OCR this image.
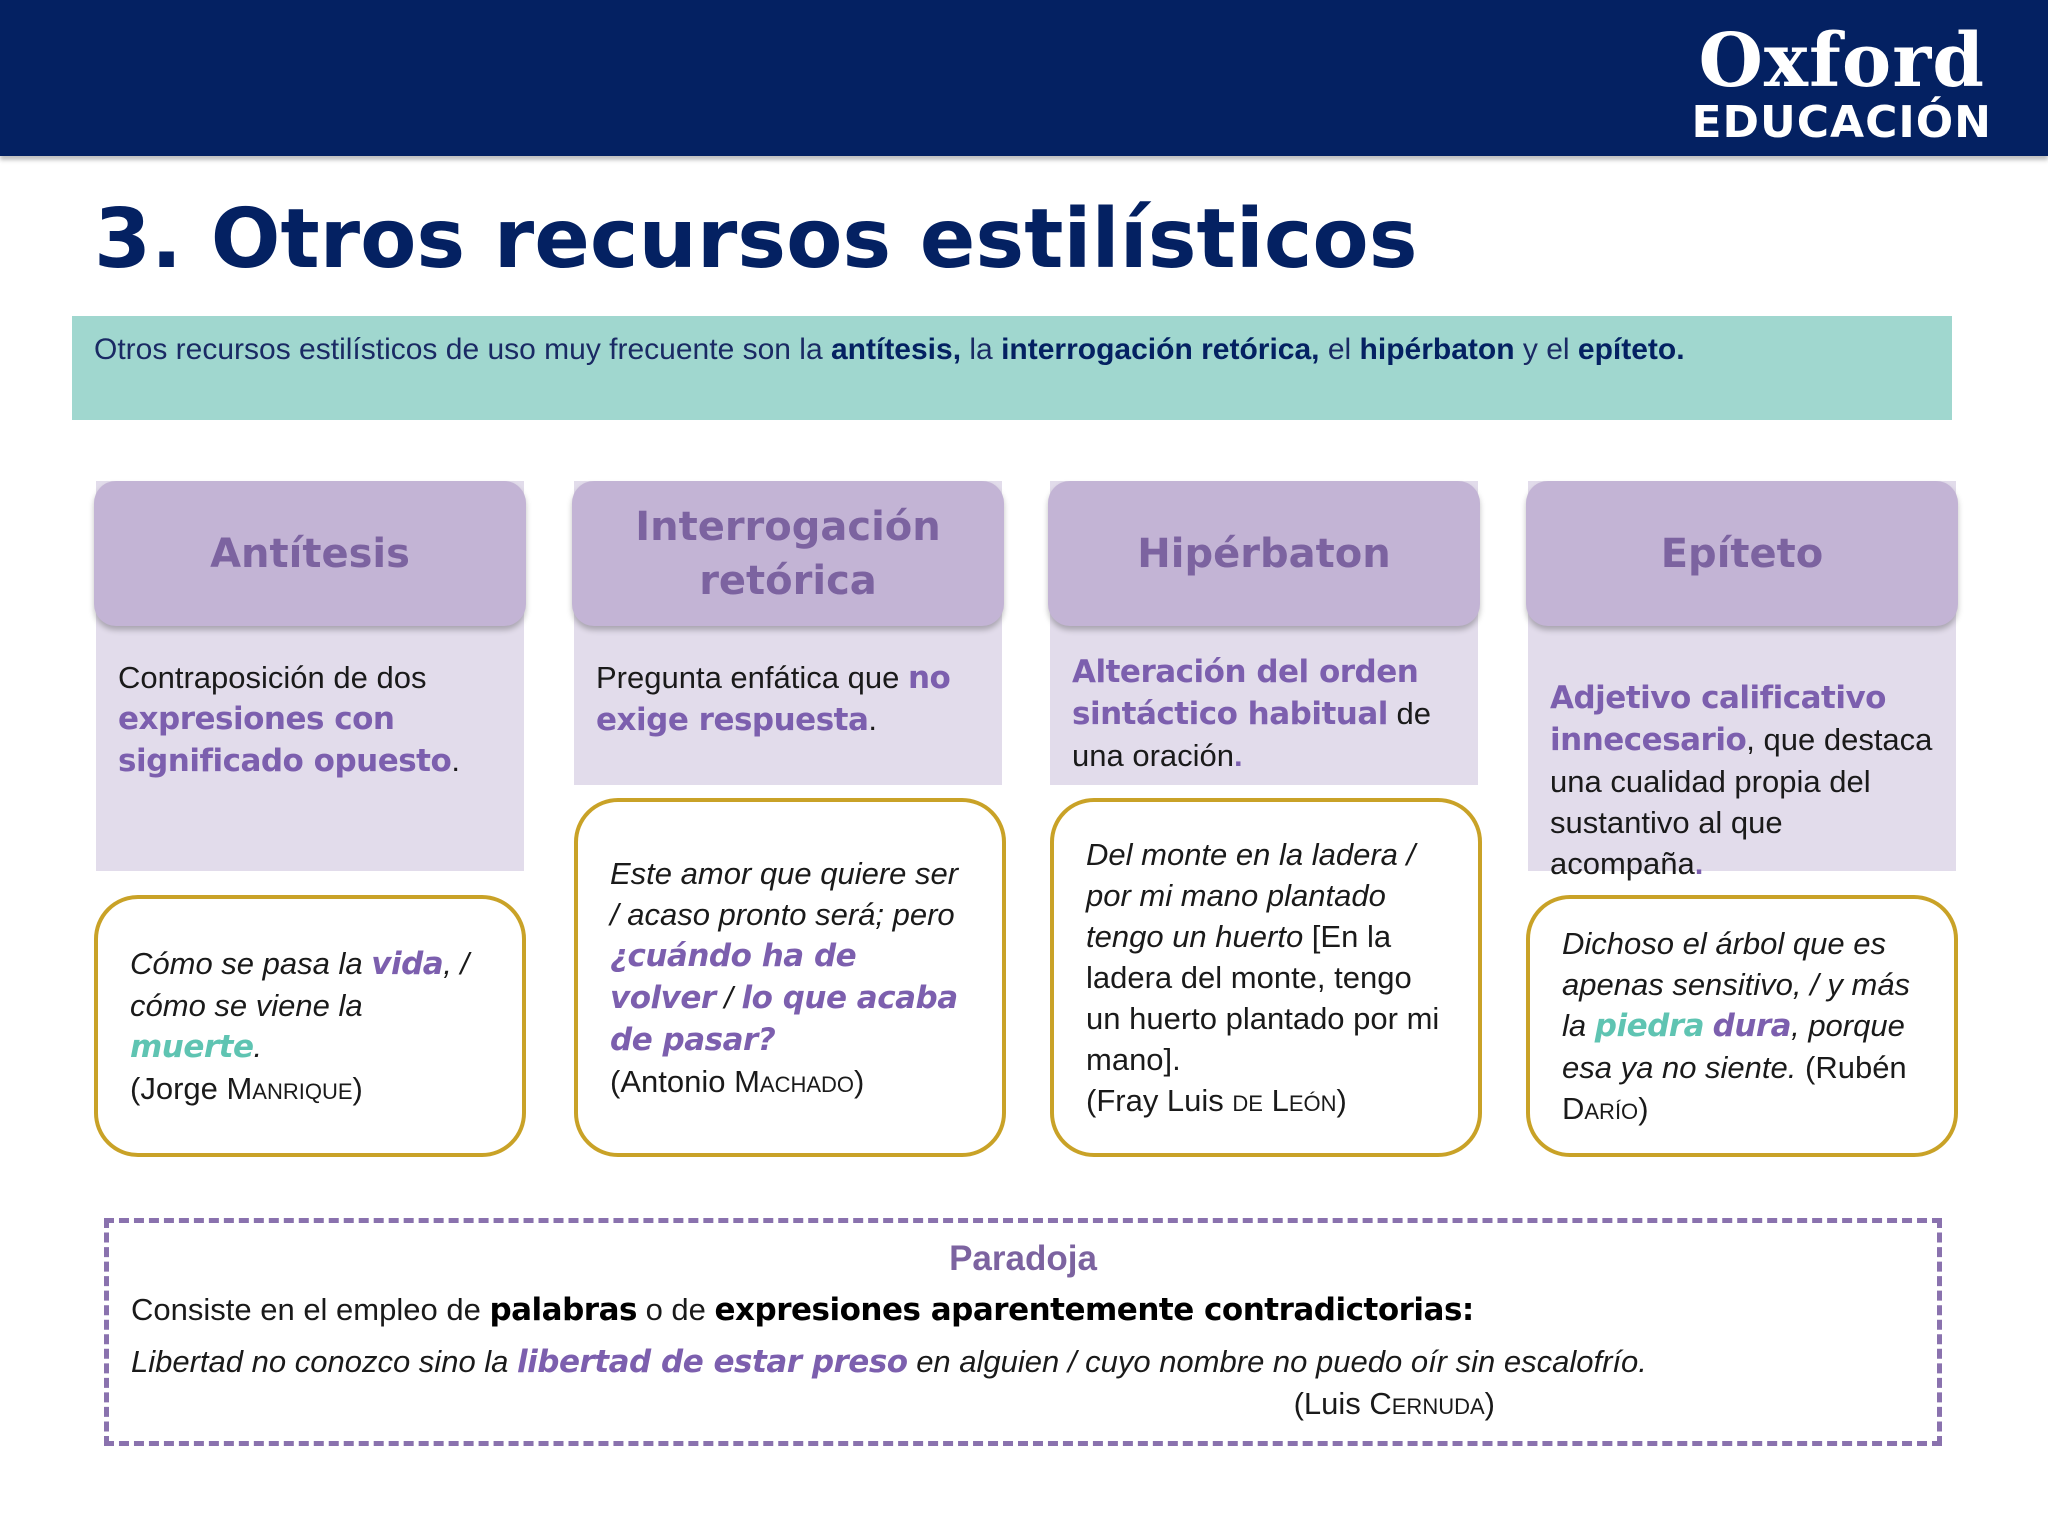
Oxford
EDUCACIÓN
3. Otros recursos estilísticos
Otros recursos estilísticos de uso muy frecuente son la antítesis, la interrogación retórica, el hipérbaton y el epíteto.
Antítesis
Contraposición de dos expresiones con significado opuesto.
Cómo se pasa la vida, / cómo se viene la muerte.
(Jorge Manrique)
Interrogación retórica
Pregunta enfática que no exige respuesta.
Este amor que quiere ser / acaso pronto será; pero ¿cuándo ha de volver / lo que acaba de pasar?
(Antonio Machado)
Hipérbaton
Alteración del orden sintáctico habitual de una oración.
Del monte en la ladera / por mi mano plantado tengo un huerto [En la ladera del monte, tengo un huerto plantado por mi mano].
(Fray Luis de León)
Epíteto
Adjetivo calificativo innecesario, que destaca una cualidad propia del sustantivo al que acompaña.
Dichoso el árbol que es apenas sensitivo, / y más la piedra dura, porque esa ya no siente. (Rubén Darío)
Paradoja
Consiste en el empleo de palabras o de expresiones aparentemente contradictorias:
Libertad no conozco sino la libertad de estar preso en alguien / cuyo nombre no puedo oír sin escalofrío.
(Luis Cernuda)
